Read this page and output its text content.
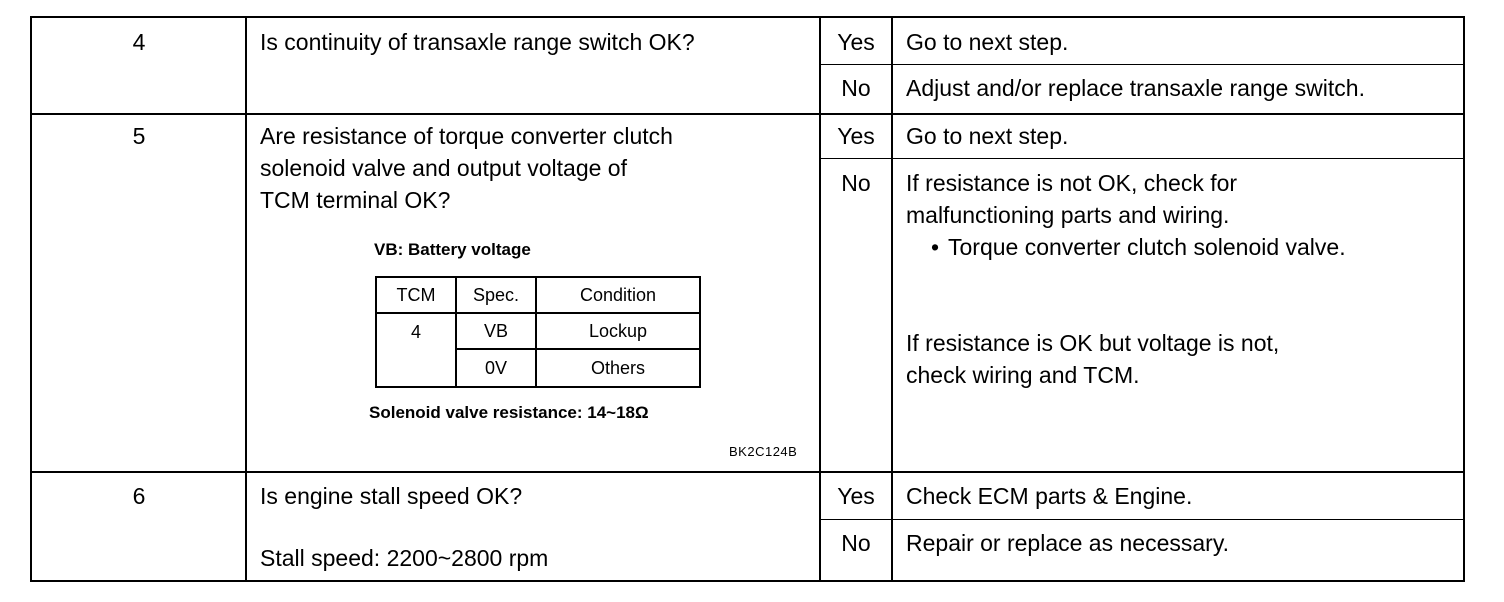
4	Is continuity of transaxle range switch OK?	Yes	Go to next step.
No	Adjust and/or replace transaxle range switch.
5	Are resistance of torque converter clutch
solenoid valve and output voltage of
TCM terminal OK?
VB: Battery voltage
TCM	Spec.	Condition
4	VB	Lockup
	0V	Others
Solenoid valve resistance: 14~18Ω
BK2C124B
Yes	Go to next step.
No	If resistance is not OK, check for
malfunctioning parts and wiring.
• Torque converter clutch solenoid valve.
If resistance is OK but voltage is not,
check wiring and TCM.
6	Is engine stall speed OK?
Stall speed: 2200~2800 rpm
Yes	Check ECM parts & Engine.
No	Repair or replace as necessary.
